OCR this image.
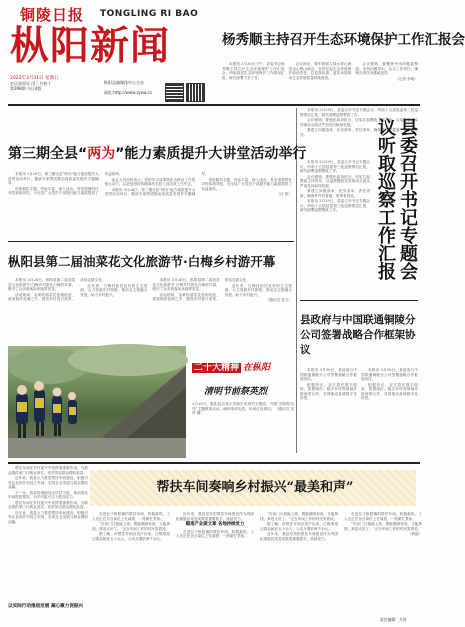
铜陵日报 TONGLING RI BAO
枞阳新闻
2023年3月31日 星期五
农历癸卯年 闰二月初十
第398期 今日4版
枞阳县融媒体中心主办
网址:http://www.zyxw.cn
杨秀顺主持召开生态环境保护工作汇报会

本报讯 3月30日下午，县委书记杨秀顺主持召开生态环境保护工作汇报会，听取我县生态环境保护工作情况汇报，研究部署下步工作。

会议指出，要牢固树立绿水青山就是金山银山理念，坚决扛起生态环境保护政治责任，以更高标准、更实举措推动生态环境质量持续改善。

会议强调，要聚焦突出问题抓整改，坚持问题导向，压实工作责任，确保各项任务落地见效。

（记者 李明）

本报讯 3月29日，县委召开书记专题会议，听取十五届县委第三轮巡察情况汇报，研究部署巡察整改工作。

会议强调，要强化政治担当，切实扛起整改主体责任，以巡察整改实效推动全面从严治党向纵深发展。

要建立问题清单、任务清单、责任清单，确保件件有着落、事事有回音。	县委召开书记专题会议听取巡察工作汇报

本报讯 3月29日，县委召开书记专题会议，听取十五届县委第三轮巡察情况汇报，研究部署巡察整改工作。

会议强调，要强化政治担当，切实扛起整改主体责任，以巡察整改实效推动全面从严治党向纵深发展。

要建立问题清单、任务清单、责任清单，确保件件有着落、事事有回音。

本报讯 3月29日，县委召开书记专题会议，听取十五届县委第三轮巡察情况汇报，研究部署巡察整改工作。

县政府与中国联通铜陵分公司签署战略合作框架协议

本报讯 3月30日，县政府与中国联通铜陵分公司签署战略合作框架协议。

根据协议，双方将在数字政府、智慧城市、数字乡村等领域开展深度合作，共同推动县域数字化转型。

本报讯 3月30日，县政府与中国联通铜陵分公司签署战略合作框架协议。

根据协议，双方将在数字政府、智慧城市、数字乡村等领域开展深度合作，共同推动县域数字化转型。

第三期全县“两为”能力素质提升大讲堂活动举行

本报讯 3月28日，第三期全县“两为”能力素质提升大讲堂活动举行，邀请专家围绕推动高质量发展作专题辅导。

讲座紧扣主题，内容丰富，深入浅出，具有很强的针对性和指导性，为全县广大党员干部提升能力素质提供了有益指导。

参会人员纷纷表示，将把学习成果转化为推动工作的强大动力，以更加昂扬的精神状态投入到各项工作中去。

本报讯 3月28日，第三期全县“两为”能力素质提升大讲堂活动举行，邀请专家围绕推动高质量发展作专题辅导。

讲座紧扣主题，内容丰富，深入浅出，具有很强的针对性和指导性，为全县广大党员干部提升能力素质提供了有益指导。

（汪 凯）
枞阳县第二届油菜花文化旅游节·白梅乡村游开幕

本报讯 3月26日，枞阳县第二届油菜花文化旅游节·白梅乡村游在白梅村开幕，吸引了众多游客前来踏青赏花。

活动现场，金黄的油菜花竞相绽放，游客徜徉花海之中，感受乡村春日美景，体验农耕文化。

近年来，白梅村依托良好的生态资源，大力发展乡村旅游，推动农文旅融合发展，助力乡村振兴。

本报讯 3月26日，枞阳县第二届油菜花文化旅游节·白梅乡村游在白梅村开幕，吸引了众多游客前来踏青赏花。

活动现场，金黄的油菜花竞相绽放，游客徜徉花海之中，感受乡村春日美景，体验农耕文化。

近年来，白梅村依托良好的生态资源，大力发展乡村旅游，推动农文旅融合发展，助力乡村振兴。

（通讯员 张文）
二十大精神 在枞阳
清明节前祭英烈
3月29日，枞阳县实验小学师生来到烈士陵园，开展“清明祭英烈”主题教育活动，缅怀革命先烈，传承红色基因。（通讯员 刘华 摄）

帮扶车间在乡村振兴中发挥着重要作用，为群众提供家门口就业岗位，有效带动群众增收致富。

近年来，我县大力推进帮扶车间建设，积极引导企业到乡村设立车间，实现企业发展与群众增收双赢。

下一步，我县将继续加大扶持力度，推动帮扶车间提质增效，为乡村振兴注入强劲动力。

帮扶车间在乡村振兴中发挥着重要作用，为群众提供家门口就业岗位，有效带动群众增收致富。

近年来，我县大力推进帮扶车间建设，积极引导企业到乡村设立车间，实现企业发展与群众增收双赢。

以实际行动推进发展 凝心聚力促振兴
帮扶车间奏响乡村振兴“最美和声”

走进位于枞阳镇的帮扶车间，机器轰鸣，工人们正在各自岗位上忙碌着，一派繁忙景象。

“在家门口就能上班，既能照顾家庭，又能挣钱，真是太好了。”正在车间工作的村民笑着说。

据了解，该帮扶车间自投产以来，已吸纳周边群众就业五十余人，人均月增收两千余元。

近年来，我县坚持把帮扶车间建设作为巩固拓展脱贫攻坚成果的重要抓手，持续发力。

瞄准产业做文章 各地持续发力

走进位于枞阳镇的帮扶车间，机器轰鸣，工人们正在各自岗位上忙碌着，一派繁忙景象。

“在家门口就能上班，既能照顾家庭，又能挣钱，真是太好了。”正在车间工作的村民笑着说。

据了解，该帮扶车间自投产以来，已吸纳周边群众就业五十余人，人均月增收两千余元。

近年来，我县坚持把帮扶车间建设作为巩固拓展脱贫攻坚成果的重要抓手，持续发力。

走进位于枞阳镇的帮扶车间，机器轰鸣，工人们正在各自岗位上忙碌着，一派繁忙景象。

“在家门口就能上班，既能照顾家庭，又能挣钱，真是太好了。”正在车间工作的村民笑着说。

（黄斌）
责任编辑：方涛
